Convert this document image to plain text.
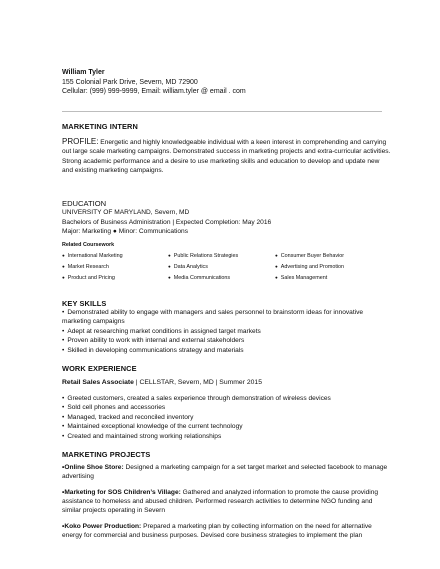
William Tyler
155 Colonial Park Drive, Severn, MD 72900
Cellular: (999) 999-9999, Email: william.tyler @ email . com
MARKETING INTERN
PROFILE: Energetic and highly knowledgeable individual with a keen interest in comprehending and carrying out large scale marketing campaigns. Demonstrated success in marketing projects and extra-curricular activities. Strong academic performance and a desire to use marketing skills and education to develop and update new and existing marketing campaigns.
EDUCATION
UNIVERSITY OF MARYLAND, Severn, MD
Bachelors of Business Administration | Expected Completion: May 2016
Major: Marketing ● Minor: Communications
Related Coursework
● International Marketing	● Public Relations Strategies	● Consumer Buyer Behavior
● Market Research	● Data Analytics	● Advertising and Promotion
● Product and Pricing	● Media Communications	● Sales Management
KEY SKILLS
• Demonstrated ability to engage with managers and sales personnel to brainstorm ideas for innovative marketing campaigns
• Adept at researching market conditions in assigned target markets
• Proven ability to work with internal and external stakeholders
• Skilled in developing communications strategy and materials
WORK EXPERIENCE
Retail Sales Associate | CELLSTAR, Severn, MD | Summer 2015
• Greeted customers, created a sales experience through demonstration of wireless devices
• Sold cell phones and accessories
• Managed, tracked and reconciled inventory
• Maintained exceptional knowledge of the current technology
• Created and maintained strong working relationships
MARKETING PROJECTS
• Online Shoe Store: Designed a marketing campaign for a set target market and selected facebook to manage advertising
• Marketing for SOS Children’s Village: Gathered and analyzed information to promote the cause providing assistance to homeless and abused children. Performed research activities to determine NGO funding and similar projects operating in Severn
• Koko Power Production: Prepared a marketing plan by collecting information on the need for alternative energy for commercial and business purposes. Devised core business strategies to implement the plan
